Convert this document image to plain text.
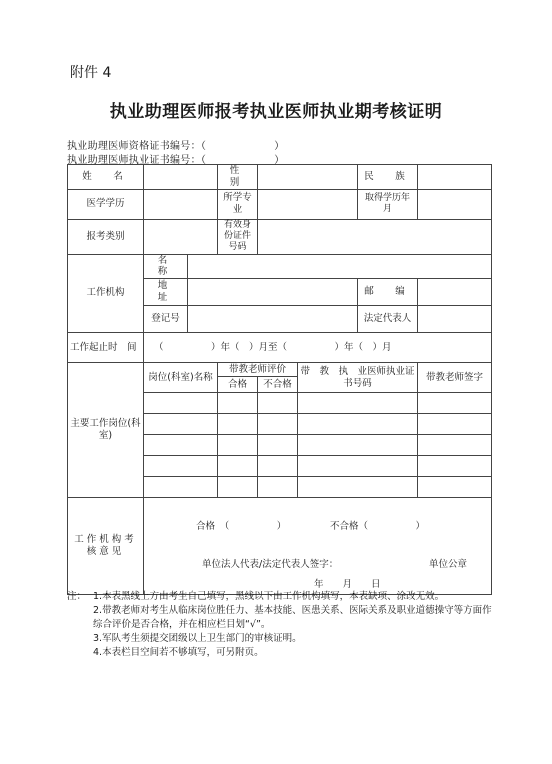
附件 4
执业助理医师报考执业医师执业期考核证明
执业助理医师资格证书编号：（	）
执业助理医师执业证书编号：（	）
姓　名			性　别			民　族	
医学学历			所学专业			取得学历年　　月	
报考类别			有效身份证件号码				
工作机构	名　称						
	地　址					邮　编	
	登记号					法定代表人	
工作起止时　间	（　　　　　）年（　）月至（　　　　　）年（　）月						
主要工作岗位(科室)	岗位(科室)名称		带教老师评价		带　教　执　业医师执业证书号码		带教老师签字
			合格	不合格			

工作机构考核意见	合格　（　　　　　） 不合格（　　　　　）
单位法人代表/法定代表人签字： 单位公章
年　　月　　日						
注： 1.本表黑线上方由考生自己填写，黑线以下由工作机构填写，本表缺项、涂改无效。
2.带教老师对考生从临床岗位胜任力、基本技能、医患关系、医际关系及职业道德操守等方面作综合评价是否合格，并在相应栏目划“√”。
3.军队考生须提交团级以上卫生部门的审核证明。
4.本表栏目空间若不够填写，可另附页。
